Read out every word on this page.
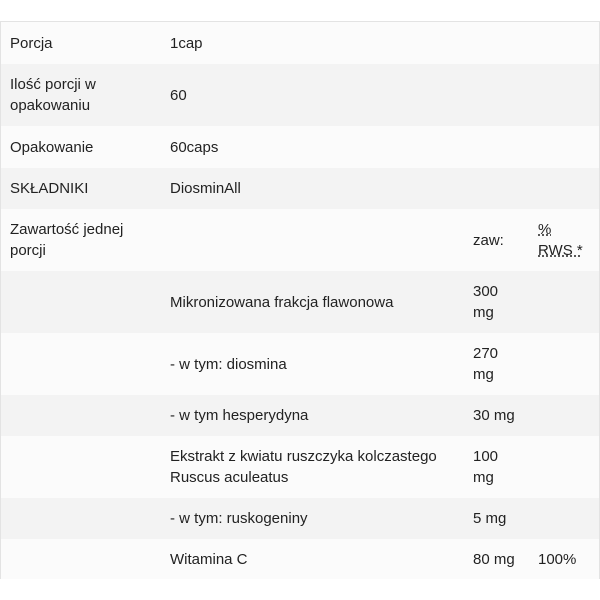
Porcja	1cap		
Ilość porcji w opakowaniu	60		
Opakowanie	60caps		
SKŁADNIKI	DiosminAll		
Zawartość jednej porcji		zaw:	% RWS *
	Mikronizowana frakcja flawonowa	300 mg	
	- w tym: diosmina	270 mg	
	- w tym hesperydyna	30 mg	
	Ekstrakt z kwiatu ruszczyka kolczastego Ruscus aculeatus	100 mg	
	- w tym: ruskogeniny	5 mg	
	Witamina C	80 mg	100%
